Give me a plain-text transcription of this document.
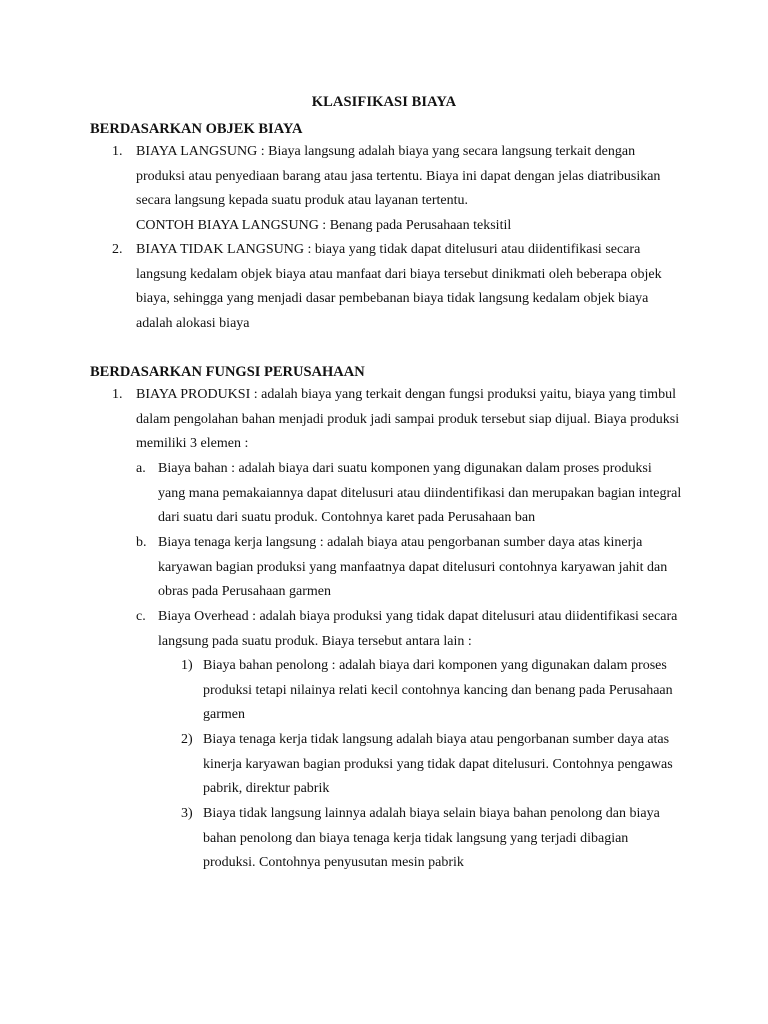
KLASIFIKASI BIAYA
BERDASARKAN OBJEK BIAYA
1. BIAYA LANGSUNG : Biaya langsung adalah biaya yang secara langsung terkait dengan
produksi atau penyediaan barang atau jasa tertentu. Biaya ini dapat dengan jelas diatribusikan
secara langsung kepada suatu produk atau layanan tertentu.
CONTOH BIAYA LANGSUNG : Benang pada Perusahaan teksitil
2. BIAYA TIDAK LANGSUNG : biaya yang tidak dapat ditelusuri atau diidentifikasi secara
langsung kedalam objek biaya atau manfaat dari biaya tersebut dinikmati oleh beberapa objek
biaya, sehingga yang menjadi dasar pembebanan biaya tidak langsung kedalam objek biaya
adalah alokasi biaya
BERDASARKAN FUNGSI PERUSAHAAN
1. BIAYA PRODUKSI : adalah biaya yang terkait dengan fungsi produksi yaitu, biaya yang timbul
dalam pengolahan bahan menjadi produk jadi sampai produk tersebut siap dijual. Biaya produksi
memiliki 3 elemen :
a. Biaya bahan : adalah biaya dari suatu komponen yang digunakan dalam proses produksi
yang mana pemakaiannya dapat ditelusuri atau diindentifikasi dan merupakan bagian integral
dari suatu dari suatu produk. Contohnya karet pada Perusahaan ban
b. Biaya tenaga kerja langsung : adalah biaya atau pengorbanan sumber daya atas kinerja
karyawan bagian produksi yang manfaatnya dapat ditelusuri contohnya karyawan jahit dan
obras pada Perusahaan garmen
c. Biaya Overhead : adalah biaya produksi yang tidak dapat ditelusuri atau diidentifikasi secara
langsung pada suatu produk. Biaya tersebut antara lain :
1) Biaya bahan penolong : adalah biaya dari komponen yang digunakan dalam proses
produksi tetapi nilainya relati kecil contohnya kancing dan benang pada Perusahaan
garmen
2) Biaya tenaga kerja tidak langsung adalah biaya atau pengorbanan sumber daya atas
kinerja karyawan bagian produksi yang tidak dapat ditelusuri. Contohnya pengawas
pabrik, direktur pabrik
3) Biaya tidak langsung lainnya adalah biaya selain biaya bahan penolong dan biaya
bahan penolong dan biaya tenaga kerja tidak langsung yang terjadi dibagian
produksi. Contohnya penyusutan mesin pabrik
